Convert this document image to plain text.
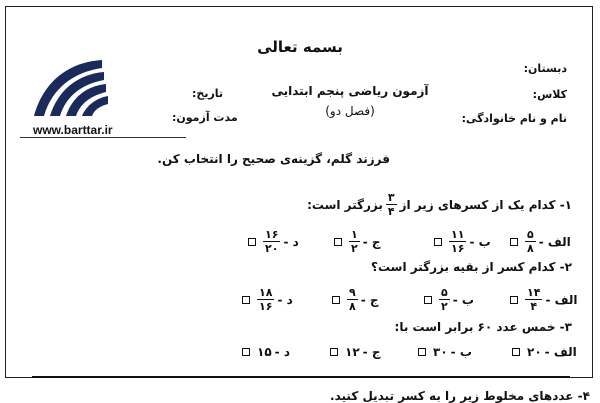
بسمه تعالی
آزمون ریاضی پنجم ابتدایی
(فصل دو)
دبستان:
کلاس:
نام و نام خانوادگی:
تاریخ:
مدت آزمون:
www.barttar.ir
فرزند گلم، گزینه‌ی صحیح را انتخاب کن.
۱- کدام یک از کسرهای زیر از
$\frac{۳}{۴}$
بزرگتر است:
الف -
$\frac{۵}{۸}$
ب -
$\frac{۱۱}{۱۶}$
ج -
$\frac{۱}{۲}$
د -
$\frac{۱۶}{۲۰}$
۲- کدام کسر از بقیه بزرگتر است؟
الف -
$\frac{۱۴}{۴}$
ب -
$\frac{۵}{۲}$
ج -
$\frac{۹}{۸}$
د -
$\frac{۱۸}{۱۶}$
۳- خمس عدد ۶۰ برابر است با:
الف -
۲۰
ب -
۳۰
ج -
۱۲
د -
۱۵
۴- عددهای مخلوط زیر را به کسر تبدیل کنید.
